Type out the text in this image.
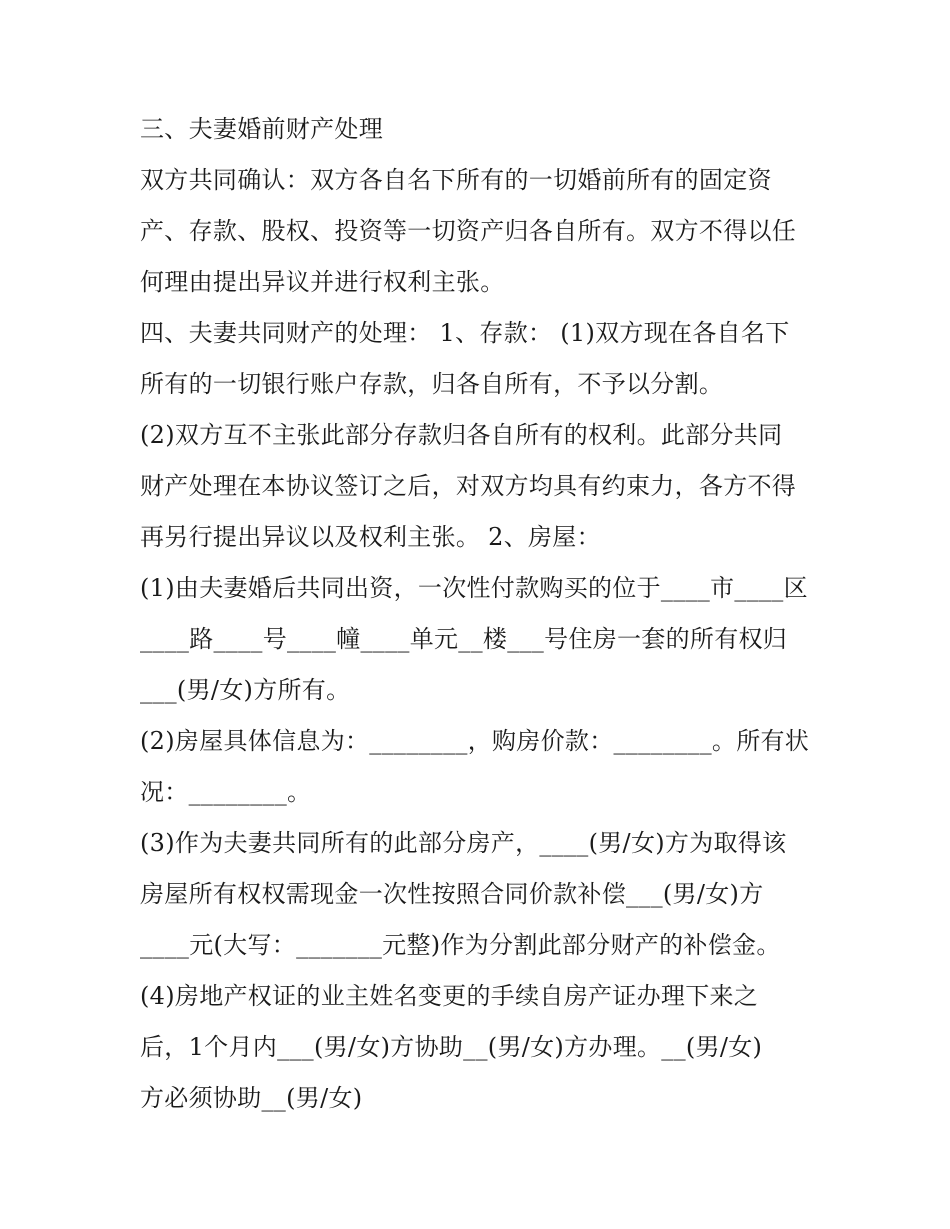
三、夫妻婚前财产处理
双方共同确认：双方各自名下所有的一切婚前所有的固定资
产、存款、股权、投资等一切资产归各自所有。双方不得以任
何理由提出异议并进行权利主张。
四、夫妻共同财产的处理： 1、存款： (1)双方现在各自名下
所有的一切银行账户存款，归各自所有，不予以分割。
(2)双方互不主张此部分存款归各自所有的权利。此部分共同
财产处理在本协议签订之后，对双方均具有约束力，各方不得
再另行提出异议以及权利主张。 2、房屋：
(1)由夫妻婚后共同出资，一次性付款购买的位于____市____区
____路____号____幢____单元__楼___号住房一套的所有权归
___(男/女)方所有。
(2)房屋具体信息为：________，购房价款：________。所有状
况：________。
(3)作为夫妻共同所有的此部分房产，____(男/女)方为取得该
房屋所有权权需现金一次性按照合同价款补偿___(男/女)方
____元(大写：_______元整)作为分割此部分财产的补偿金。
(4)房地产权证的业主姓名变更的手续自房产证办理下来之
后，1个月内___(男/女)方协助__(男/女)方办理。__(男/女)
方必须协助__(男/女)
